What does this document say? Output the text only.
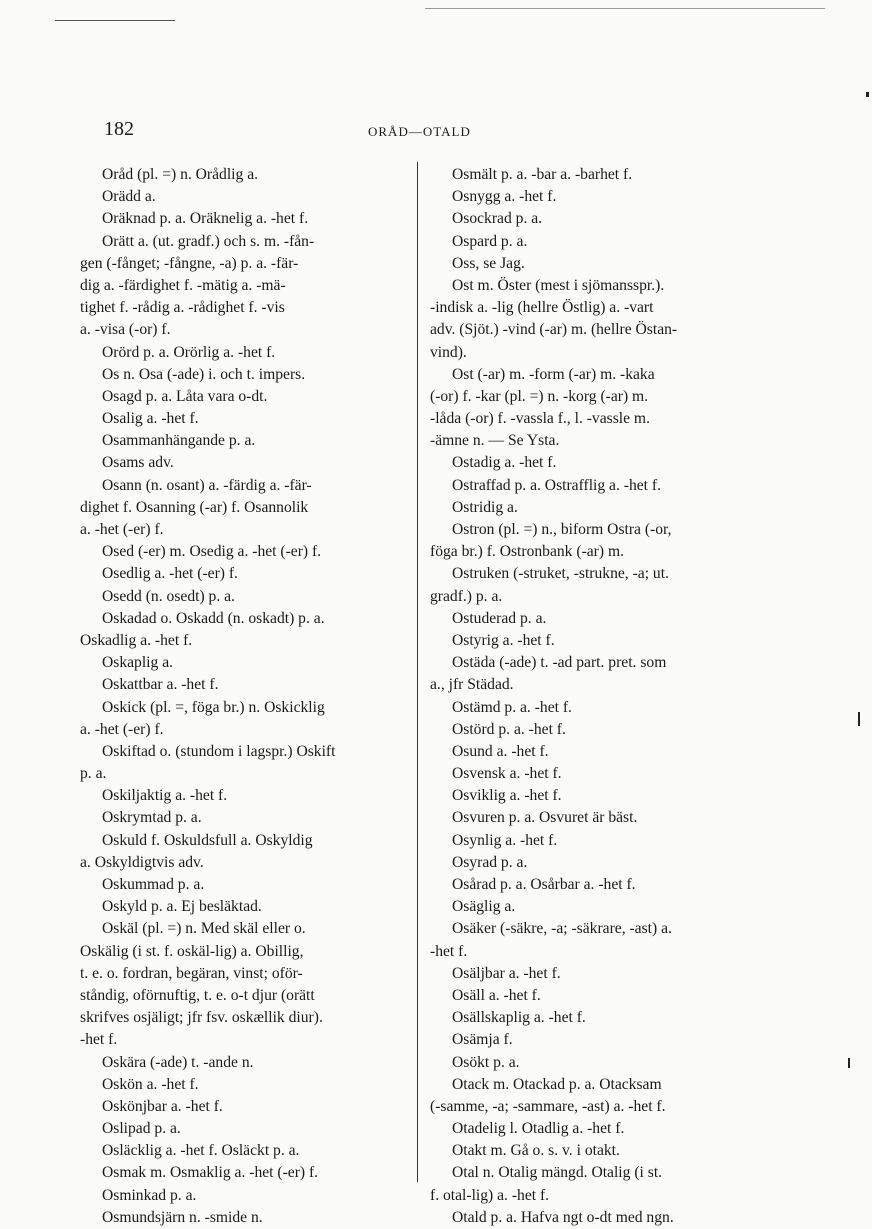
182	ORÅD—OTALD
Oråd (pl. =) n. Orådlig a.
Orädd a.
Oräknad p. a. Oräknelig a. -het f.
Orätt a. (ut. gradf.) och s. m. -fån-
gen (-fånget; -fångne, -a) p. a. -fär-
dig a. -färdighet f. -mätig a. -mä-
tighet f. -rådig a. -rådighet f. -vis
a. -visa (-or) f.
Orörd p. a. Orörlig a. -het f.
Os n. Osa (-ade) i. och t. impers.
Osagd p. a. Låta vara o-dt.
Osalig a. -het f.
Osammanhängande p. a.
Osams adv.
Osann (n. osant) a. -färdig a. -fär-
dighet f. Osanning (-ar) f. Osannolik
a. -het (-er) f.
Osed (-er) m. Osedig a. -het (-er) f.
Osedlig a. -het (-er) f.
Osedd (n. osedt) p. a.
Oskadad o. Oskadd (n. oskadt) p. a.
Oskadlig a. -het f.
Oskaplig a.
Oskattbar a. -het f.
Oskick (pl. =, föga br.) n. Oskicklig
a. -het (-er) f.
Oskiftad o. (stundom i lagspr.) Oskift
p. a.
Oskiljaktig a. -het f.
Oskrymtad p. a.
Oskuld f. Oskuldsfull a. Oskyldig
a. Oskyldigtvis adv.
Oskummad p. a.
Oskyld p. a. Ej besläktad.
Oskäl (pl. =) n. Med skäl eller o.
Oskälig (i st. f. oskäl-lig) a. Obillig,
t. e. o. fordran, begäran, vinst; oför-
ståndig, oförnuftig, t. e. o-t djur (orätt
skrifves osjäligt; jfr fsv. oskællik diur).
-het f.
Oskära (-ade) t. -ande n.
Oskön a. -het f.
Oskönjbar a. -het f.
Oslipad p. a.
Osläcklig a. -het f. Osläckt p. a.
Osmak m. Osmaklig a. -het (-er) f.
Osminkad p. a.
Osmundsjärn n. -smide n.
Osmält p. a. -bar a. -barhet f.
Osnygg a. -het f.
Osockrad p. a.
Ospard p. a.
Oss, se Jag.
Ost m. Öster (mest i sjömansspr.).
-indisk a. -lig (hellre Östlig) a. -vart
adv. (Sjöt.) -vind (-ar) m. (hellre Östan-
vind).
Ost (-ar) m. -form (-ar) m. -kaka
(-or) f. -kar (pl. =) n. -korg (-ar) m.
-låda (-or) f. -vassla f., l. -vassle m.
-ämne n. — Se Ysta.
Ostadig a. -het f.
Ostraffad p. a. Ostrafflig a. -het f.
Ostridig a.
Ostron (pl. =) n., biform Ostra (-or,
föga br.) f. Ostronbank (-ar) m.
Ostruken (-struket, -strukne, -a; ut.
gradf.) p. a.
Ostuderad p. a.
Ostyrig a. -het f.
Ostäda (-ade) t. -ad part. pret. som
a., jfr Städad.
Ostämd p. a. -het f.
Ostörd p. a. -het f.
Osund a. -het f.
Osvensk a. -het f.
Osviklig a. -het f.
Osvuren p. a. Osvuret är bäst.
Osynlig a. -het f.
Osyrad p. a.
Osårad p. a. Osårbar a. -het f.
Osäglig a.
Osäker (-säkre, -a; -säkrare, -ast) a.
-het f.
Osäljbar a. -het f.
Osäll a. -het f.
Osällskaplig a. -het f.
Osämja f.
Osökt p. a.
Otack m. Otackad p. a. Otacksam
(-samme, -a; -sammare, -ast) a. -het f.
Otadelig l. Otadlig a. -het f.
Otakt m. Gå o. s. v. i otakt.
Otal n. Otalig mängd. Otalig (i st.
f. otal-lig) a. -het f.
Otald p. a. Hafva ngt o-dt med ngn.
